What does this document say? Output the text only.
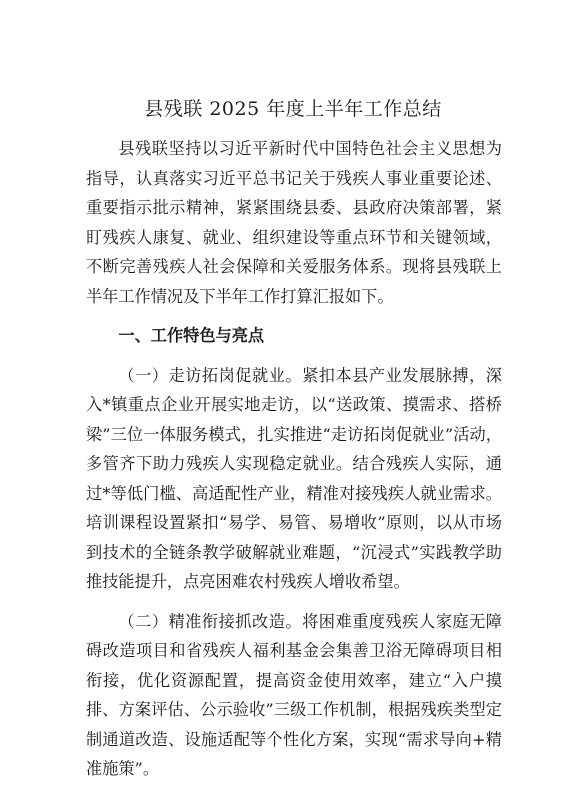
县残联 2025 年度上半年工作总结

县残联坚持以习近平新时代中国特色社会主义思想为指导，认真落实习近平总书记关于残疾人事业重要论述、重要指示批示精神，紧紧围绕县委、县政府决策部署，紧盯残疾人康复、就业、组织建设等重点环节和关键领域，不断完善残疾人社会保障和关爱服务体系。现将县残联上半年工作情况及下半年工作打算汇报如下。

一、工作特色与亮点

（一）走访拓岗促就业。紧扣本县产业发展脉搏，深入*镇重点企业开展实地走访，以“送政策、摸需求、搭桥梁”三位一体服务模式，扎实推进“走访拓岗促就业”活动，多管齐下助力残疾人实现稳定就业。结合残疾人实际，通过*等低门槛、高适配性产业，精准对接残疾人就业需求。培训课程设置紧扣“易学、易管、易增收”原则，以从市场到技术的全链条教学破解就业难题，“沉浸式”实践教学助推技能提升，点亮困难农村残疾人增收希望。

（二）精准衔接抓改造。将困难重度残疾人家庭无障碍改造项目和省残疾人福利基金会集善卫浴无障碍项目相衔接，优化资源配置，提高资金使用效率，建立“入户摸排、方案评估、公示验收”三级工作机制，根据残疾类型定制通道改造、设施适配等个性化方案，实现“需求导向+精准施策”。
